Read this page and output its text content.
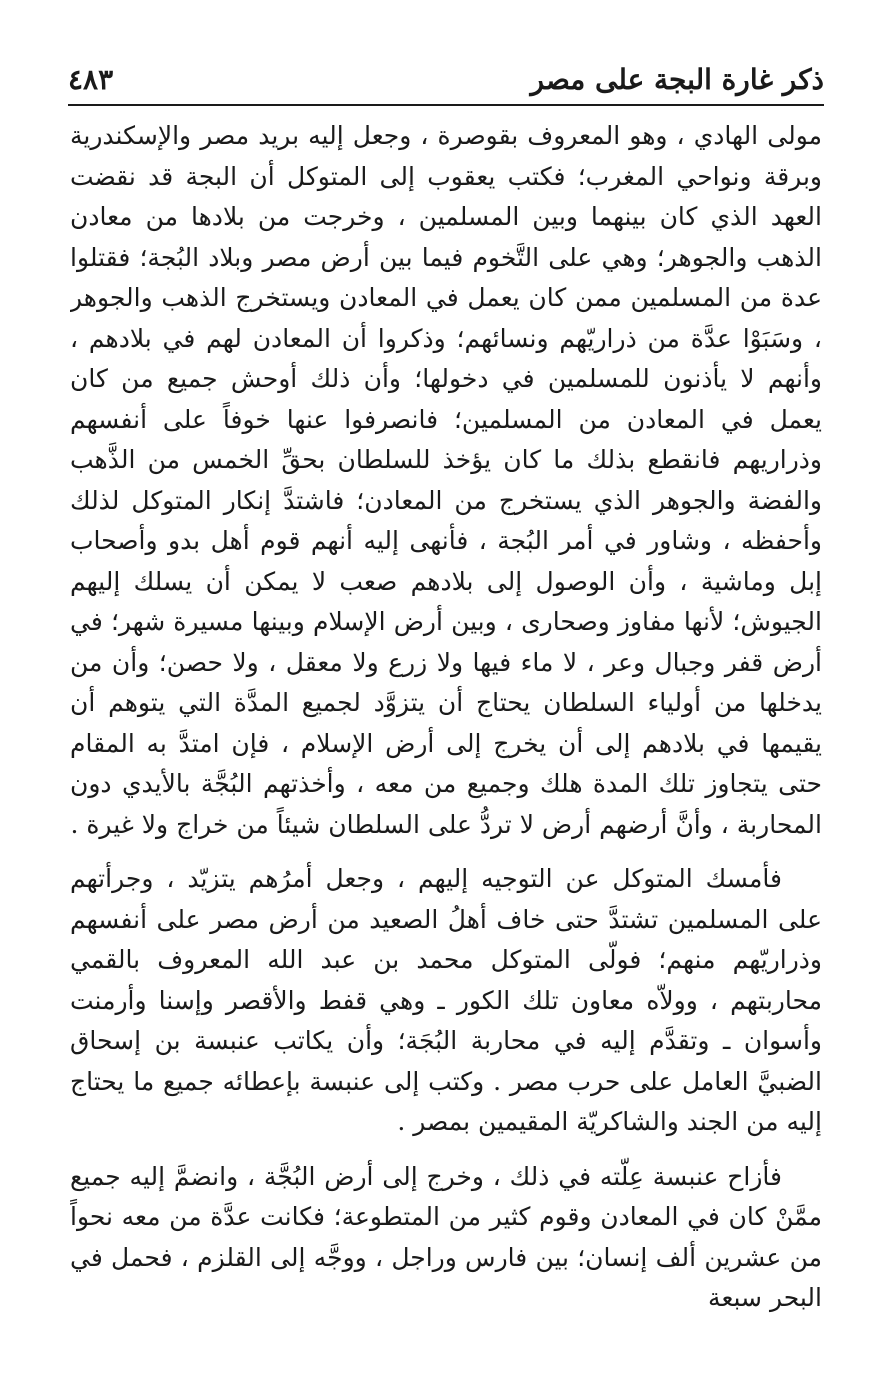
ذكر غارة البجة على مصر
٤٨٣

مولى الهادي ، وهو المعروف بقوصرة ، وجعل إليه بريد مصر والإسكندرية وبرقة ونواحي المغرب؛ فكتب يعقوب إلى المتوكل أن البجة قد نقضت العهد الذي كان بينهما وبين المسلمين ، وخرجت من بلادها من معادن الذهب والجوهر؛ وهي على التَّخوم فيما بين أرض مصر وبلاد البُجة؛ فقتلوا عدة من المسلمين ممن كان يعمل في المعادن ويستخرج الذهب والجوهر ، وسَبَوْا عدَّة من ذراريّهم ونسائهم؛ وذكروا أن المعادن لهم في بلادهم ، وأنهم لا يأذنون للمسلمين في دخولها؛ وأن ذلك أوحش جميع من كان يعمل في المعادن من المسلمين؛ فانصرفوا عنها خوفاً على أنفسهم وذراريهم فانقطع بذلك ما كان يؤخذ للسلطان بحقِّ الخمس من الذَّهب والفضة والجوهر الذي يستخرج من المعادن؛ فاشتدَّ إنكار المتوكل لذلك وأحفظه ، وشاور في أمر البُجة ، فأنهى إليه أنهم قوم أهل بدو وأصحاب إبل وماشية ، وأن الوصول إلى بلادهم صعب لا يمكن أن يسلك إليهم الجيوش؛ لأنها مفاوز وصحارى ، وبين أرض الإسلام وبينها مسيرة شهر؛ في أرض قفر وجبال وعر ، لا ماء فيها ولا زرع ولا معقل ، ولا حصن؛ وأن من يدخلها من أولياء السلطان يحتاج أن يتزوَّد لجميع المدَّة التي يتوهم أن يقيمها في بلادهم إلى أن يخرج إلى أرض الإسلام ، فإن امتدَّ به المقام حتى يتجاوز تلك المدة هلك وجميع من معه ، وأخذتهم البُجَّة بالأيدي دون المحاربة ، وأنَّ أرضهم أرض لا تردُّ على السلطان شيئاً من خراج ولا غيرة .

فأمسك المتوكل عن التوجيه إليهم ، وجعل أمرُهم يتزيّد ، وجرأتهم على المسلمين تشتدَّ حتى خاف أهلُ الصعيد من أرض مصر على أنفسهم وذراريّهم منهم؛ فولّى المتوكل محمد بن عبد الله المعروف بالقمي محاربتهم ، وولاّه معاون تلك الكور ـ وهي قفط والأقصر وإسنا وأرمنت وأسوان ـ وتقدَّم إليه في محاربة البُجَة؛ وأن يكاتب عنبسة بن إسحاق الضبيَّ العامل على حرب مصر . وكتب إلى عنبسة بإعطائه جميع ما يحتاج إليه من الجند والشاكريّة المقيمين بمصر .

فأزاح عنبسة عِلّته في ذلك ، وخرج إلى أرض البُجَّة ، وانضمَّ إليه جميع ممَّنْ كان في المعادن وقوم كثير من المتطوعة؛ فكانت عدَّة من معه نحواً من عشرين ألف إنسان؛ بين فارس وراجل ، ووجَّه إلى القلزم ، فحمل في البحر سبعة
